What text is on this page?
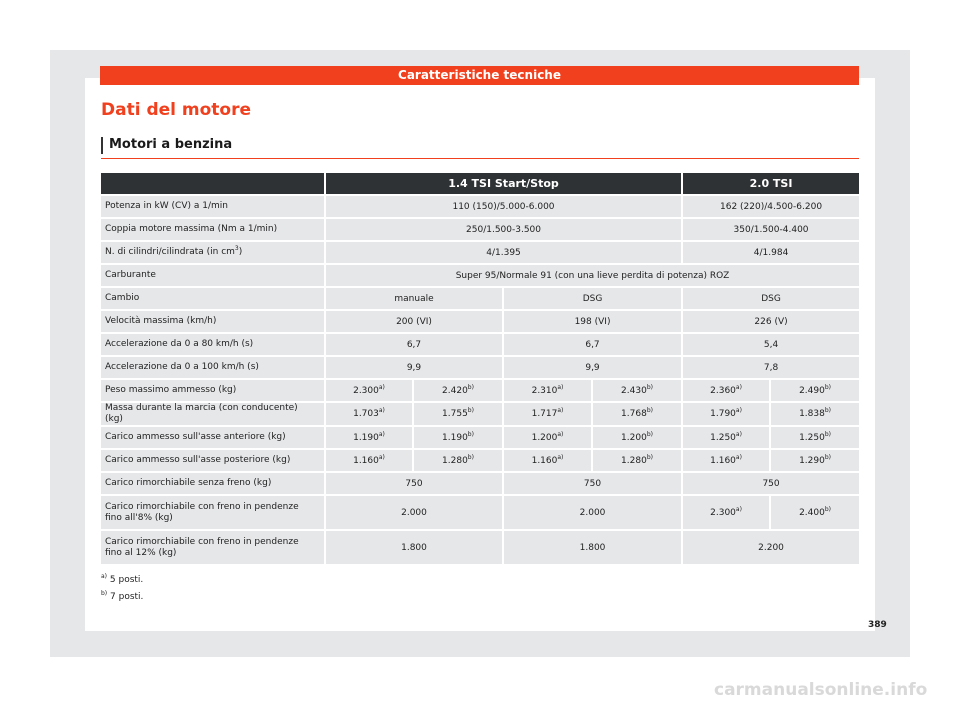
Caratteristiche tecniche
Dati del motore
Motori a benzina
	1.4 TSI Start/Stop				2.0 TSI	
Potenza in kW (CV) a 1/min	110 (150)/5.000-6.000				162 (220)/4.500-6.200	
Coppia motore massima (Nm a 1/min)	250/1.500-3.500				350/1.500-4.400	
N. di cilindri/cilindrata (in $cm^3$)	4/1.395				4/1.984	
Carburante	Super 95/Normale 91 (con una lieve perdita di potenza) ROZ					
Cambio	manuale		DSG		DSG	
Velocità massima (km/h)	200 (VI)		198 (VI)		226 (V)	
Accelerazione da 0 a 80 km/h (s)	6,7		6,7		5,4	
Accelerazione da 0 a 100 km/h (s)	9,9		9,9		7,8	
Peso massimo ammesso (kg)	2.300$^{a)}$	2.420$^{b)}$	2.310$^{a)}$	2.430$^{b)}$	2.360$^{a)}$	2.490$^{b)}$
Massa durante la marcia (con conducente) (kg)	1.703$^{a)}$	1.755$^{b)}$	1.717$^{a)}$	1.768$^{b)}$	1.790$^{a)}$	1.838$^{b)}$
Carico ammesso sull'asse anteriore (kg)	1.190$^{a)}$	1.190$^{b)}$	1.200$^{a)}$	1.200$^{b)}$	1.250$^{a)}$	1.250$^{b)}$
Carico ammesso sull'asse posteriore (kg)	1.160$^{a)}$	1.280$^{b)}$	1.160$^{a)}$	1.280$^{b)}$	1.160$^{a)}$	1.290$^{b)}$
Carico rimorchiabile senza freno (kg)	750		750		750	
Carico rimorchiabile con freno in pendenze fino all'8% (kg)	2.000		2.000		2.300$^{a)}$	2.400$^{b)}$
Carico rimorchiabile con freno in pendenze fino al 12% (kg)	1.800		1.800		2.200	
$^{a)}$ 5 posti.
$^{b)}$ 7 posti.
389
carmanualsonline.info
